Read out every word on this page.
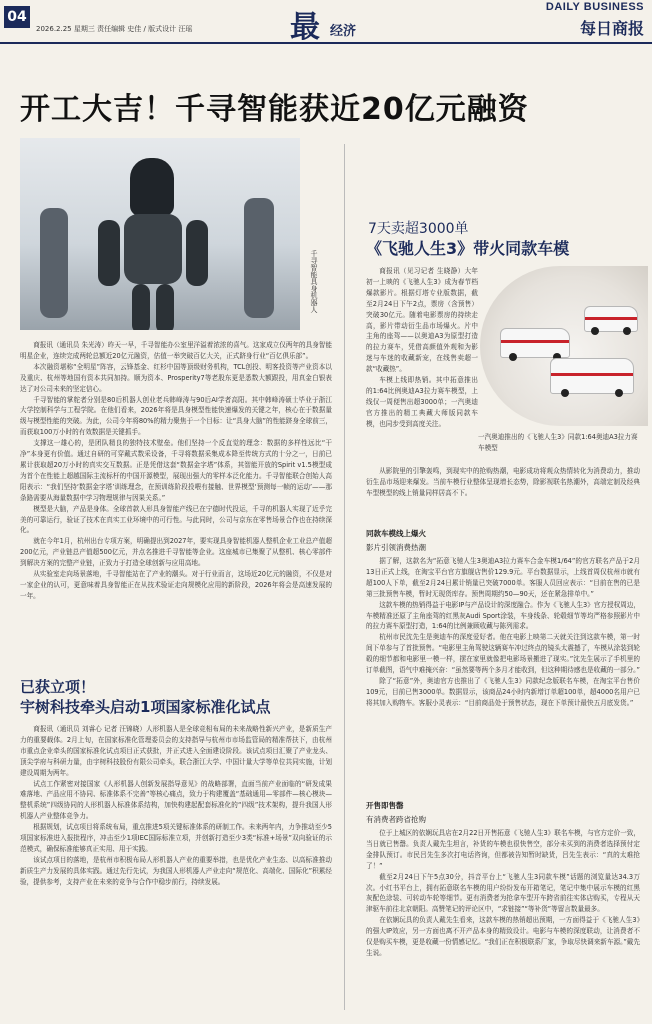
04
2026.2.25 星期三 责任编辑 史佳 / 版式设计 汪瑶	最 经济
DAILY BUSINESS
每日商报
开工大吉！千寻智能获近20亿元融资
千寻智能具身机器人

商报讯（通讯员 朱光涛）昨天一早，千寻智能办公室里洋溢着浓浓的喜气。这家成立仅两年的具身智能明星企业，连续完成两轮总额近20亿元融资，估值一举突破百亿大关，正式跻身行业“百亿俱乐部”。

本次融资堪称“全明星”阵容，云锋基金、红杉中国等顶级财务机构，TCL创投、明客投资等产业资本以及重庆、杭州等地国有资本共同加持。顺为资本、Prosperity7等老股东更是悉数大额跟投，用真金白银表达了对公司未来的坚定信心。

千寻智能的掌舵者分别是80后机器人创业老兵韩峰涛与90后AI学者高阳。其中韩峰涛硕士毕业于浙江大学控制科学与工程学院。在他们看来，2026年将是具身模型性能快速爆发的关键之年，核心在于数据量级与模型性能的突破。为此，公司今年将80%的精力聚焦于一个目标：让“具身大脑”的性能跻身全球前三，而获取100万小时的有效数据是关键抓手。

支撑这一雄心的，是团队精良的独特技术壁垒。他们坚持一个反直觉的理念：数据的多样性远比“干净”本身更有价值。通过自研的可穿戴式数采设备，千寻将数据采集成本降至传统方式的十分之一，日前已累计获取超20万小时的真实交互数据。正是凭借这套“数据金字塔”体系，其智能开放的Spirit v1.5模型成为首个在性能上超越国际主流标杆的中国开源模型，展现出强大的零样本泛化能力。千寻智能联合创始人高阳表示：“我们坚持‘数据金字塔’训练理念，在预训练阶段投喂有接触、世界模型‘预测每一帧的运动’——那条路需要从海量数据中学习物理规律与因果关系。”

模型是大脑，产品是身体。全球首款人形具身智能产线已在宁德时代投运，千寻的机器人实现了近乎完美的可靠运行，验证了技术在真实工业环境中的可行性。与此同时，公司与京东在零售场景合作也在持续深化。

就在今年1月，杭州出台专项方案，明确提出到2027年，要实现具身智能机器人整机企业工业总产值超200亿元，产业链总产值超500亿元，并点名推进千寻智能等企业。这座城市已集聚了从整机、核心零部件到解决方案的完整产业链，正致力于打造全球创新与应用高地。

从实验室走向场景落地，千寻智能站在了产业的潮头。对于行业而言，这场近20亿元的融资，不仅是对一家企业的认可，更意味着具身智能正在从技术验证走向规模化应用的新阶段，2026年将会是高速发展的一年。

已获立项！
宇树科技牵头启动1项国家标准化试点

商报讯（通讯员 刘睿心 记者 汪锦晓）人形机器人是全球竞相布局的未来战略性新兴产业，是新质生产力的重要载体。2月上旬，在国家标准化管理委员会的支持指导与杭州市市场监管局的精准帮扶下，由杭州市重点企业牵头的国家标准化试点项目正式获批，并正式进入全面建设阶段。该试点项目汇聚了产业龙头、顶尖学府与科研力量，由宇树科技股份有限公司牵头，联合浙江大学、中国计量大学等单位共同实施，计划建设周期为两年。

试点工作紧密对接国家《人形机器人创新发展指导意见》的战略部署，直面当前产业面临的“研发成果难落地、产品应用不协同、标准体系不完善”等核心痛点，致力于构建覆盖“基础通用—零部件—核心模块—整机系统”四级协同的人形机器人标准体系结构，加快构建起配套标准化的“四级”技术架构，提升我国人形机器人产业整体竞争力。

根据规划，试点项目将系统布局，重点推进5项关键标准体系的研制工作。未来两年内，力争推动至少5项国家标准进入报批程序，冲击至少1项IEC国际标准立项，并创新打造至少3类“标准+场景”双向验证的示范模式，确保标准能够真正实用、用于实践。

该试点项目的落地，是杭州市积极布局人形机器人产业的重要举措，也是优化产业生态、以高标准推动新质生产力发展的具体实践。通过先行先试，为我国人形机器人产业走向“规范化、高端化、国际化”积累经验，提供参考，支持产业在未来的竞争与合作中稳步前行，持续发展。

7天卖超3000单
《飞驰人生3》带火同款车模

商报讯（见习记者 生晓静）大年初一上映的《飞驰人生3》成为春节档爆款影片。根据灯塔专业版数据，截至2月24日下午2点，票房（含预售）突破30亿元。随着电影票房的持续走高，影片带动衍生品市场爆火。片中主角的座驾——以奥迪A3为原型打造的拉力赛车，凭借高颜值外观和为影迷与车迷的收藏新宠，在线售卖超一款“收藏热”。

车模上线即热销。其中拓意推出的1:64比例奥迪A3拉力赛车模型，上线仅一周便售出超3000单；一汽奥迪官方推出的精工典藏大师版同款车模，也同步受到高度关注。

一汽奥迪推出的《飞驰人生3》同款1:64奥迪A3拉力赛车模型

从影院里的引擎轰鸣，到现实中的抢购热潮，电影成功将观众热情转化为消费动力，推动衍生品市场迎来爆发。当前车模行业整体呈现增长态势，除影视联名热潮外，高端定制及经典车型模型的线上销量同样居高不下。

同款车模线上爆火
影片引领消费热潮

据了解，这款名为“拓意飞驰人生3奥迪A3拉力赛车合金车模1/64”的官方联名产品于2月13日正式上线，在淘宝平台官方旗舰店售价129.9元。平台数据显示，上线首周仅杭州市就有超100人下单，截至2月24日累计销量已突破7000单。客服人员回应表示：“目前在售的已是第三批预售车模，暂时无现货库存。预售周期约50—90天，还在紧急排单中。”

这款车模的热销得益于电影IP与产品设计的深度融合。作为《飞驰人生3》官方授权周边，车模精准还原了主角座驾的红黑灰Audi Sport涂装，车身线条、轮毂细节等均严格参照影片中的拉力赛车原型打造，1:64的比例兼顾收藏与陈列需求。

杭州市民沈先生是奥迪车的深度爱好者。他在电影上映第二天就关注到这款车模，第一时间下单参与了首批预售。“电影里主角驾驶这辆赛车冲过终点的镜头太震撼了，车模从涂装到轮毂的细节都和电影里一模一样，摆在家里就像把电影场景搬进了现实。”沈先生展示了手机里的订单截图，语气中难掩兴奋：“虽然要等两个多月才能收到，但这种期待感也是收藏的一部分。”

除了“拓意”外，奥迪官方也推出了《飞驰人生3》同款纪念版联名车模，在淘宝平台售价109元，目前已售3000单。数据显示，该商品24小时内新增订单超100单，超4000名用户已将其加入购物车。客服小灵表示：“目前商品处于预售状态，现在下单预计最快五月底发货。”

开售即售罄
有消费者跨省抢购

位于上城区的依娴玩具店在2月22日开售拓意《飞驰人生3》联名车模，与官方定价一致，当日就已售罄。负责人戴先生坦言，补货的车模也很快售空，部分未买到的消费者选择预付定金排队预订。市民吕先生多次打电话咨询，但都被告知暂时缺货，吕先生表示：“真的太难抢了！”

截至2月24日下午5点30分，抖音平台上“飞驰人生3同款车模”话题的浏览量达34.3万次。小红书平台上，拥有拓意联名车模的用户纷纷发布开箱笔记，笔记中集中展示车模的红黑灰配色涂装、可转动车轮等细节。更有消费者为抢拿车型开车跨省前往实体店购买，专程从天津驱车前往北京朝阳。高赞笔记的评论区中，“求链接”“等补货”等留言数量最多。

在依娴玩具的负责人戴先生看来，这款车模的热销超出预期，一方面得益于《飞驰人生3》的强大IP效应，另一方面也离不开产品本身的精致设计。电影与车模的深度联动，让消费者不仅是购买车模，更是收藏一份情感记忆。“我们正在积极联系厂家，争取尽快调来新车源。”戴先生说。
